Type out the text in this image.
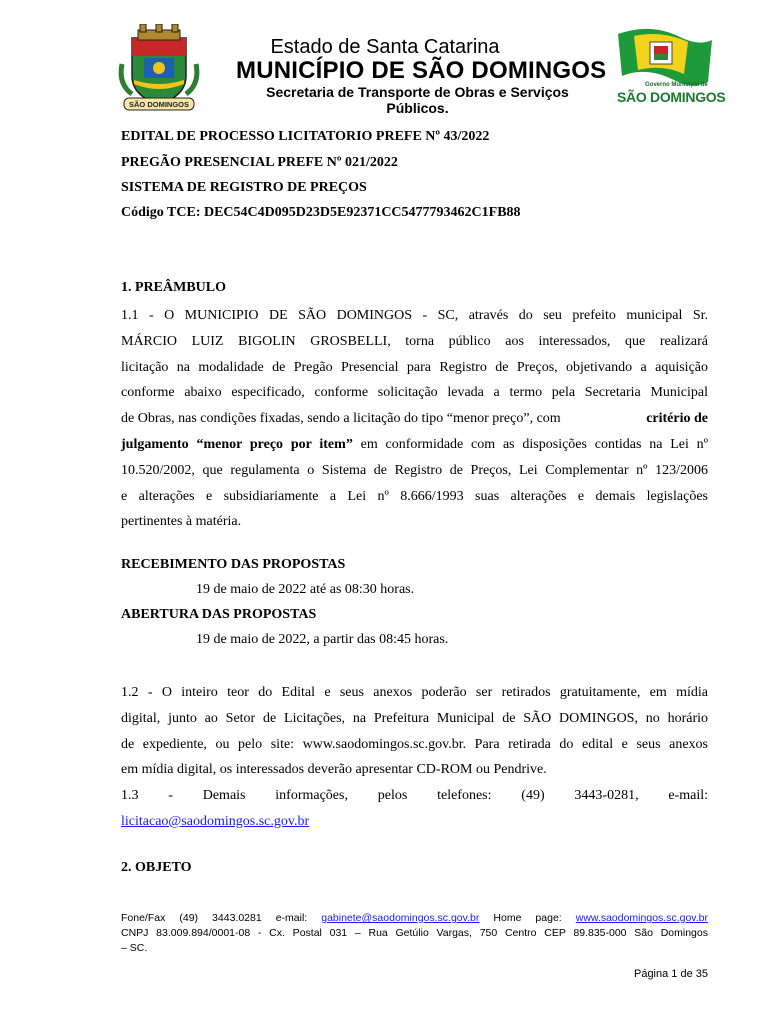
SÃO DOMINGOS
Estado de Santa Catarina
MUNICÍPIO DE SÃO DOMINGOS
Secretaria de Transporte de Obras e Serviços Públicos.
Governo Municipal de
SÃO DOMINGOS
EDITAL DE PROCESSO LICITATORIO PREFE Nº 43/2022
PREGÃO PRESENCIAL PREFE Nº 021/2022
SISTEMA DE REGISTRO DE PREÇOS
Código TCE: DEC54C4D095D23D5E92371CC5477793462C1FB88
1. PREÂMBULO
1.1 - O MUNICIPIO DE SÃO DOMINGOS - SC, através do seu prefeito municipal Sr.
MÁRCIO LUIZ BIGOLIN GROSBELLI, torna público aos interessados, que realizará
licitação na modalidade de Pregão Presencial para Registro de Preços, objetivando a aquisição
conforme abaixo especificado, conforme solicitação levada a termo pela Secretaria Municipal
de Obras, nas condições fixadas, sendo a licitação do tipo “menor preço”, com	critério de
julgamento “menor preço por item” em conformidade com as disposições contidas na Lei nº
10.520/2002, que regulamenta o Sistema de Registro de Preços, Lei Complementar nº 123/2006
e alterações e subsidiariamente a Lei nº 8.666/1993 suas alterações e demais legislações
pertinentes à matéria.
RECEBIMENTO DAS PROPOSTAS
19 de maio de 2022 até as 08:30 horas.
ABERTURA DAS PROPOSTAS
19 de maio de 2022, a partir das 08:45 horas.
1.2 - O inteiro teor do Edital e seus anexos poderão ser retirados gratuitamente, em mídia
digital, junto ao Setor de Licitações, na Prefeitura Municipal de SÃO DOMINGOS, no horário
de expediente, ou pelo site: www.saodomingos.sc.gov.br. Para retirada do edital e seus anexos
em mídia digital, os interessados deverão apresentar CD-ROM ou Pendrive.
1.3 - Demais informações, pelos telefones: (49) 3443-0281, e-mail:
licitacao@saodomingos.sc.gov.br
2. OBJETO
Fone/Fax (49) 3443.0281 e-mail: gabinete@saodomingos.sc.gov.br Home page: www.saodomingos.sc.gov.br
CNPJ 83.009.894/0001-08 - Cx. Postal 031 – Rua Getúlio Vargas, 750 Centro CEP 89.835-000 São Domingos
– SC.
Página 1 de 35
